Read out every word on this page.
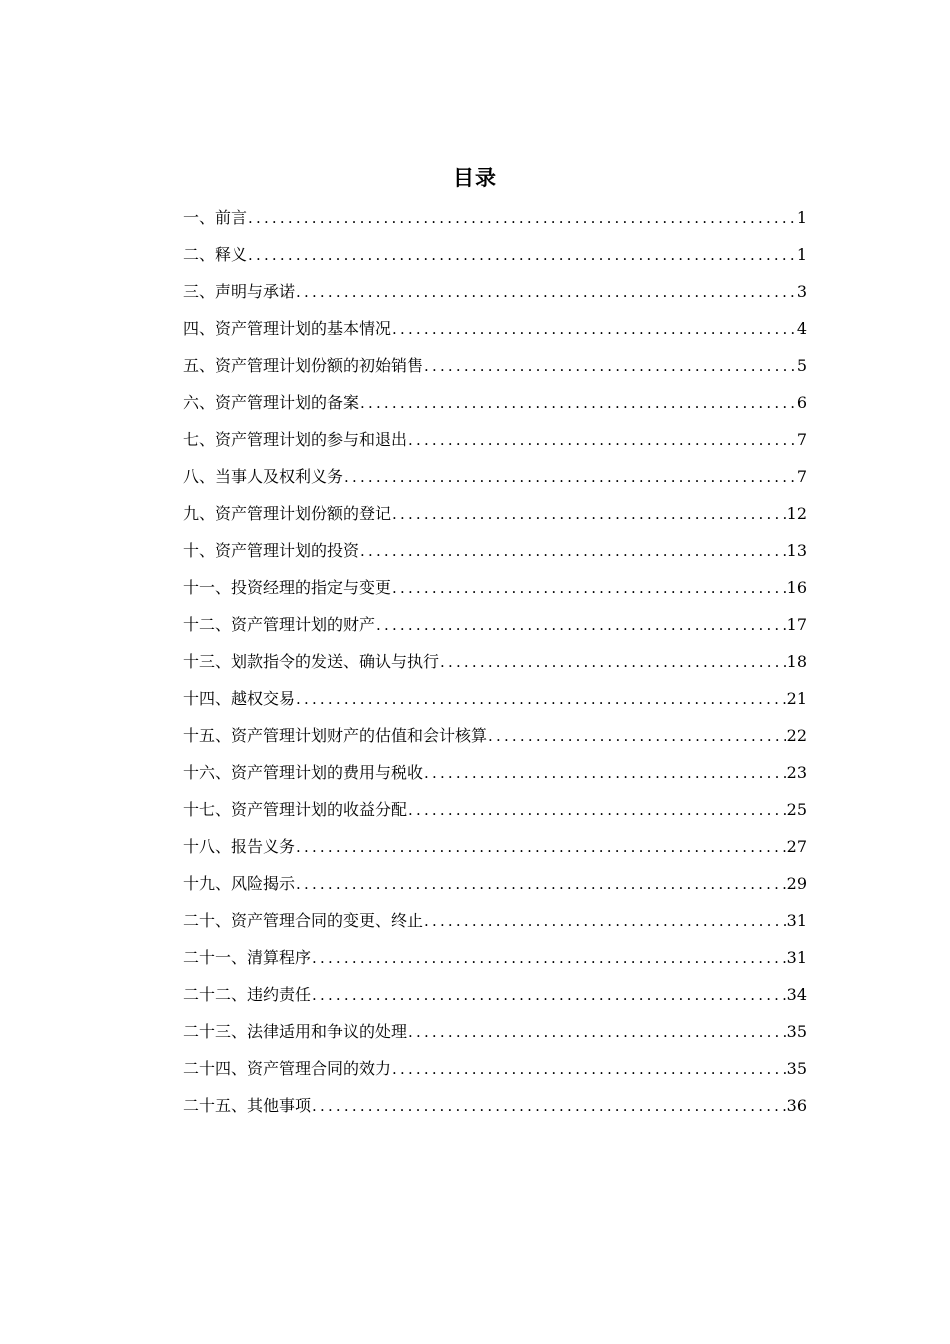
目录
一、前言 .....	1
二、释义 .....	1
三、声明与承诺 .....	3
四、资产管理计划的基本情况 .....	4
五、资产管理计划份额的初始销售 .....	5
六、资产管理计划的备案 .....	6
七、资产管理计划的参与和退出 .....	7
八、当事人及权利义务 .....	7
九、资产管理计划份额的登记 .....	12
十、资产管理计划的投资 .....	13
十一、投资经理的指定与变更 .....	16
十二、资产管理计划的财产 .....	17
十三、划款指令的发送、确认与执行 .....	18
十四、越权交易 .....	21
十五、资产管理计划财产的估值和会计核算 .....	22
十六、资产管理计划的费用与税收 .....	23
十七、资产管理计划的收益分配 .....	25
十八、报告义务 .....	27
十九、风险揭示 .....	29
二十、资产管理合同的变更、终止 .....	31
二十一、清算程序 .....	31
二十二、违约责任 .....	34
二十三、法律适用和争议的处理 .....	35
二十四、资产管理合同的效力 .....	35
二十五、其他事项 .....	36
